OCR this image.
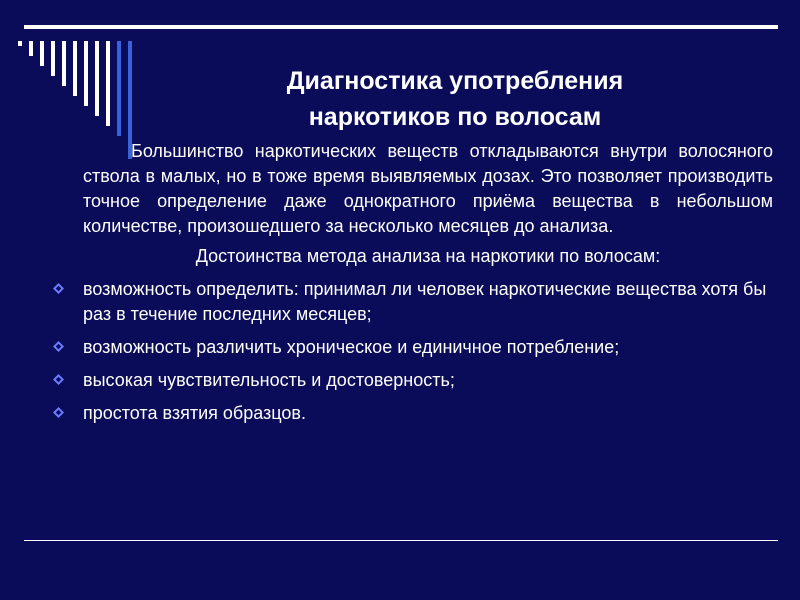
Диагностика употребления
наркотиков по волосам

Большинство наркотических веществ откладываются внутри волосяного ствола в малых, но в тоже время выявляемых дозах. Это позволяет производить точное определение даже однократного приёма вещества в небольшом количестве, произошедшего за несколько месяцев до анализа.

Достоинства метода анализа на наркотики по волосам:

возможность определить: принимал ли человек наркотические вещества хотя бы раз в течение последних месяцев;
возможность различить хроническое и единичное потребление;
высокая чувствительность и достоверность;
простота взятия образцов.
